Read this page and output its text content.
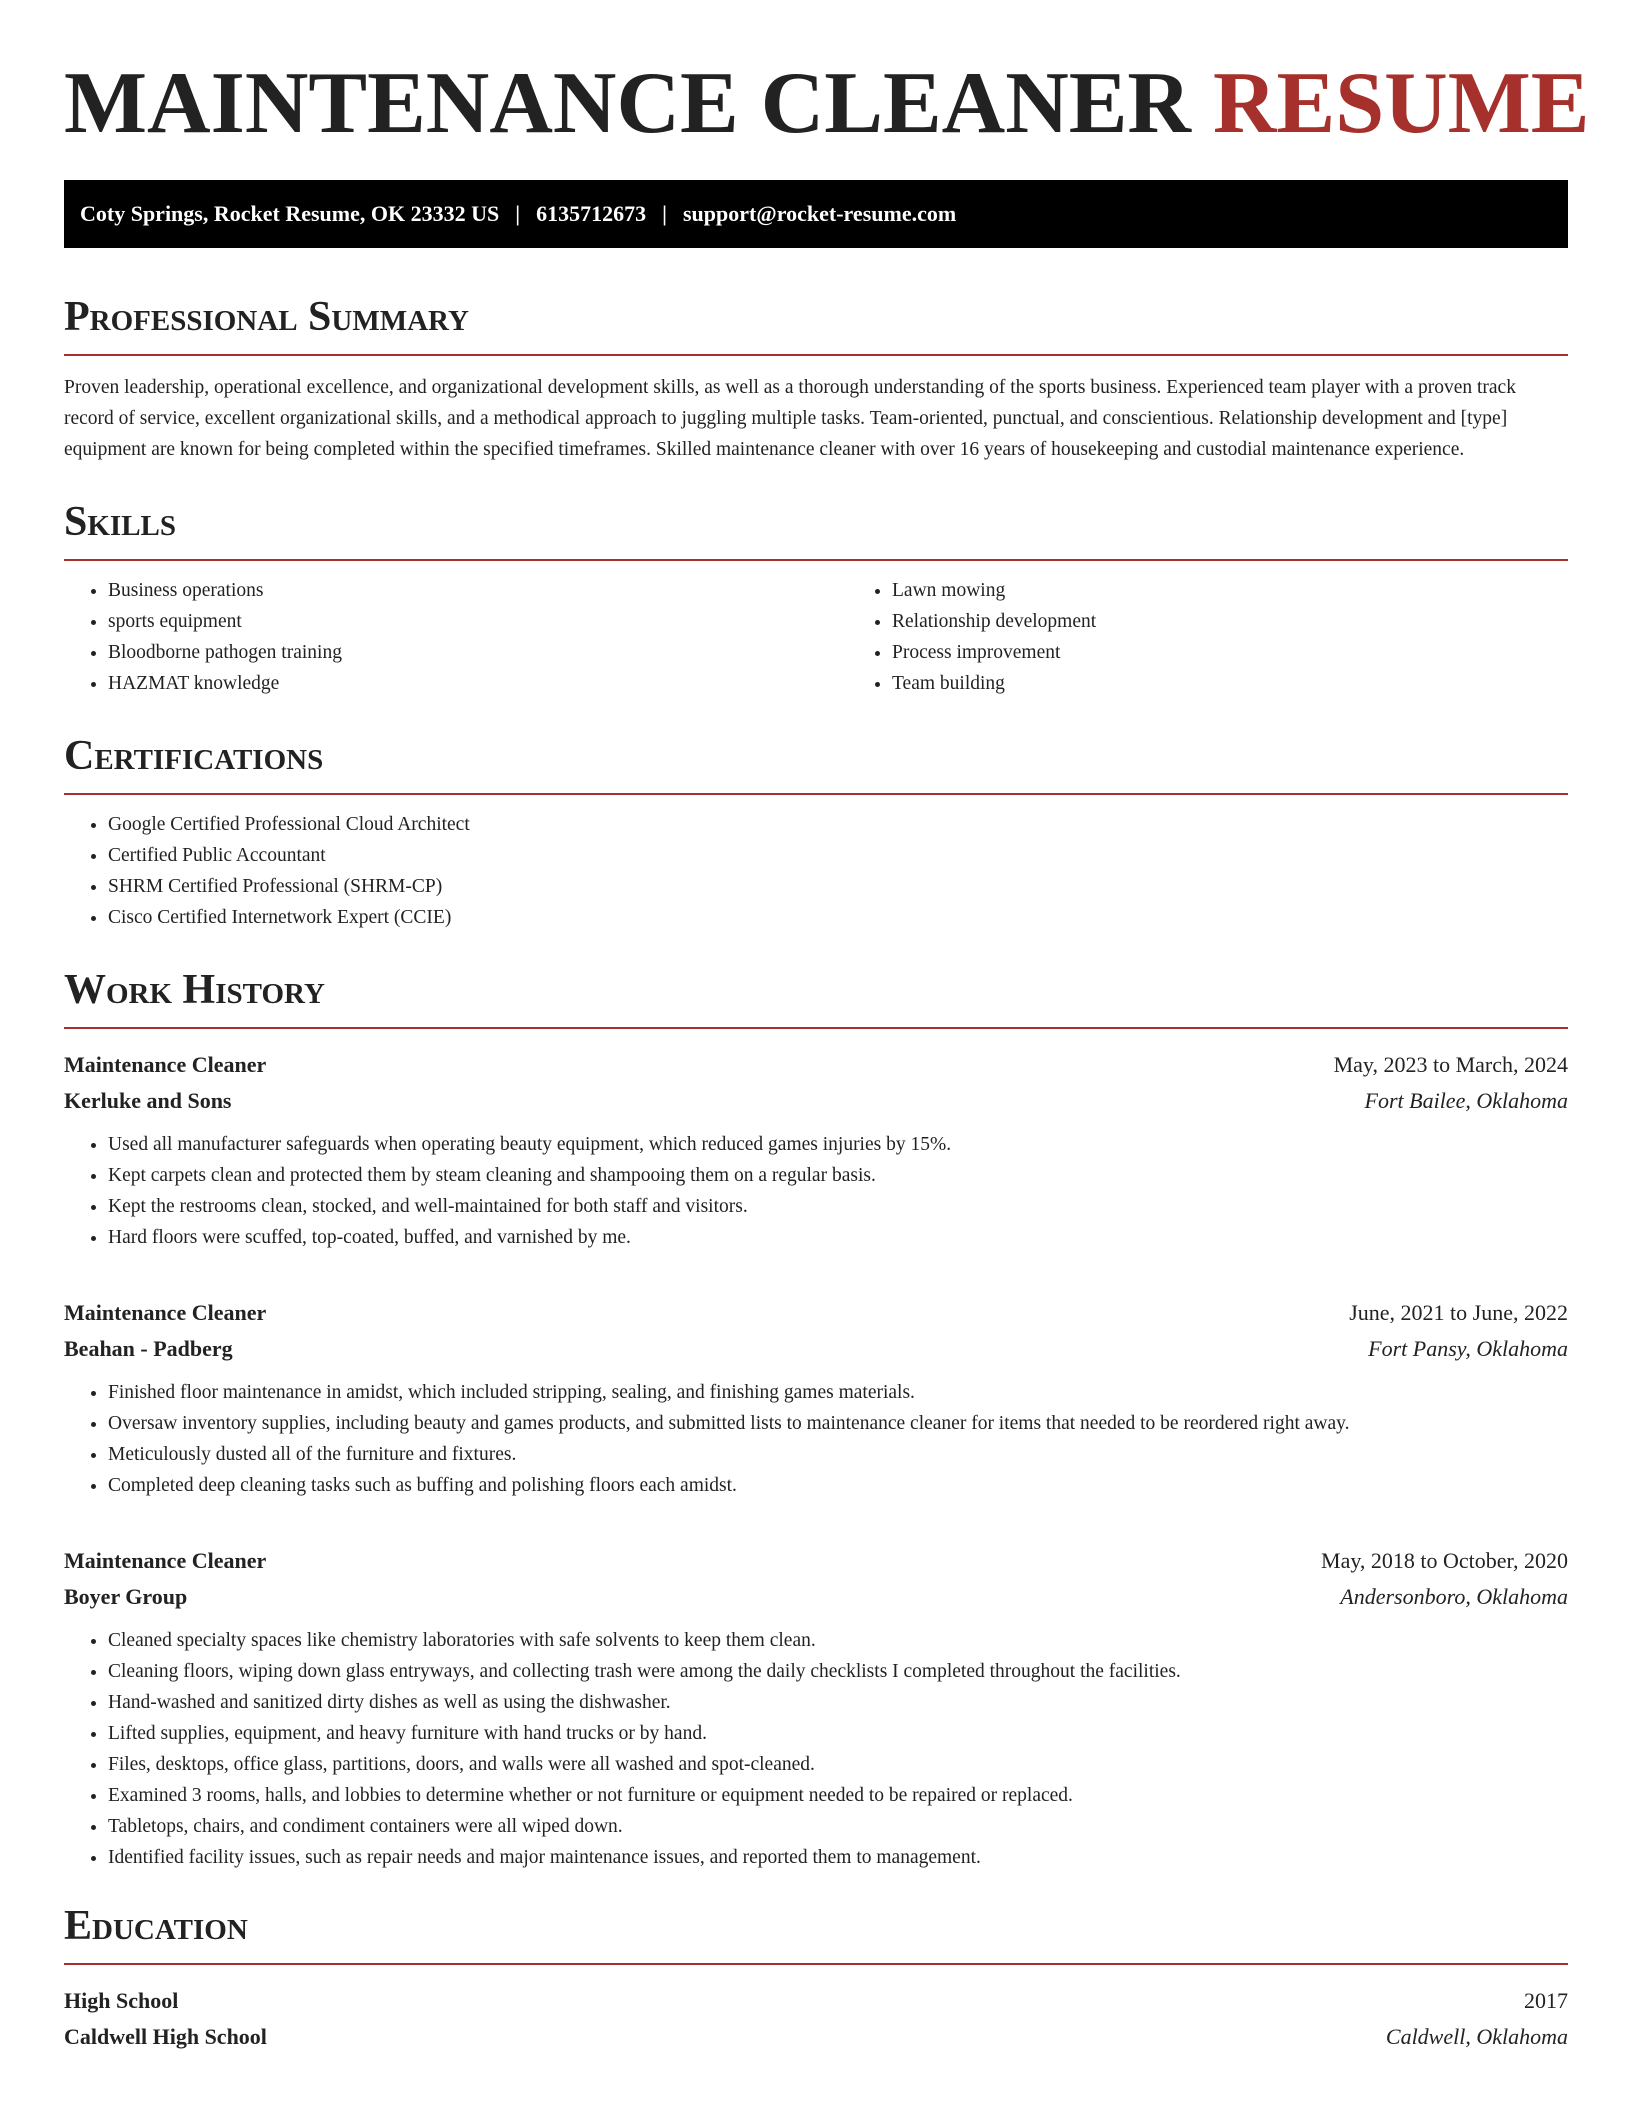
MAINTENANCE CLEANER RESUME
Coty Springs, Rocket Resume, OK 23332 US | 6135712673 | support@rocket-resume.com
Professional Summary

Proven leadership, operational excellence, and organizational development skills, as well as a thorough understanding of the sports business. Experienced team player with a proven track record of service, excellent organizational skills, and a methodical approach to juggling multiple tasks. Team-oriented, punctual, and conscientious. Relationship development and [type] equipment are known for being completed within the specified timeframes. Skilled maintenance cleaner with over 16 years of housekeeping and custodial maintenance experience.

Skills
• Business operations
• sports equipment
• Bloodborne pathogen training
• HAZMAT knowledge
• Lawn mowing
• Relationship development
• Process improvement
• Team building
Certifications
• Google Certified Professional Cloud Architect
• Certified Public Accountant
• SHRM Certified Professional (SHRM-CP)
• Cisco Certified Internetwork Expert (CCIE)
Work History
Maintenance Cleaner	May, 2023 to March, 2024
Kerluke and Sons	Fort Bailee, Oklahoma
• Used all manufacturer safeguards when operating beauty equipment, which reduced games injuries by 15%.
• Kept carpets clean and protected them by steam cleaning and shampooing them on a regular basis.
• Kept the restrooms clean, stocked, and well-maintained for both staff and visitors.
• Hard floors were scuffed, top-coated, buffed, and varnished by me.
Maintenance Cleaner	June, 2021 to June, 2022
Beahan - Padberg	Fort Pansy, Oklahoma
• Finished floor maintenance in amidst, which included stripping, sealing, and finishing games materials.
• Oversaw inventory supplies, including beauty and games products, and submitted lists to maintenance cleaner for items that needed to be reordered right away.
• Meticulously dusted all of the furniture and fixtures.
• Completed deep cleaning tasks such as buffing and polishing floors each amidst.
Maintenance Cleaner	May, 2018 to October, 2020
Boyer Group	Andersonboro, Oklahoma
• Cleaned specialty spaces like chemistry laboratories with safe solvents to keep them clean.
• Cleaning floors, wiping down glass entryways, and collecting trash were among the daily checklists I completed throughout the facilities.
• Hand-washed and sanitized dirty dishes as well as using the dishwasher.
• Lifted supplies, equipment, and heavy furniture with hand trucks or by hand.
• Files, desktops, office glass, partitions, doors, and walls were all washed and spot-cleaned.
• Examined 3 rooms, halls, and lobbies to determine whether or not furniture or equipment needed to be repaired or replaced.
• Tabletops, chairs, and condiment containers were all wiped down.
• Identified facility issues, such as repair needs and major maintenance issues, and reported them to management.
Education
High School	2017
Caldwell High School	Caldwell, Oklahoma
